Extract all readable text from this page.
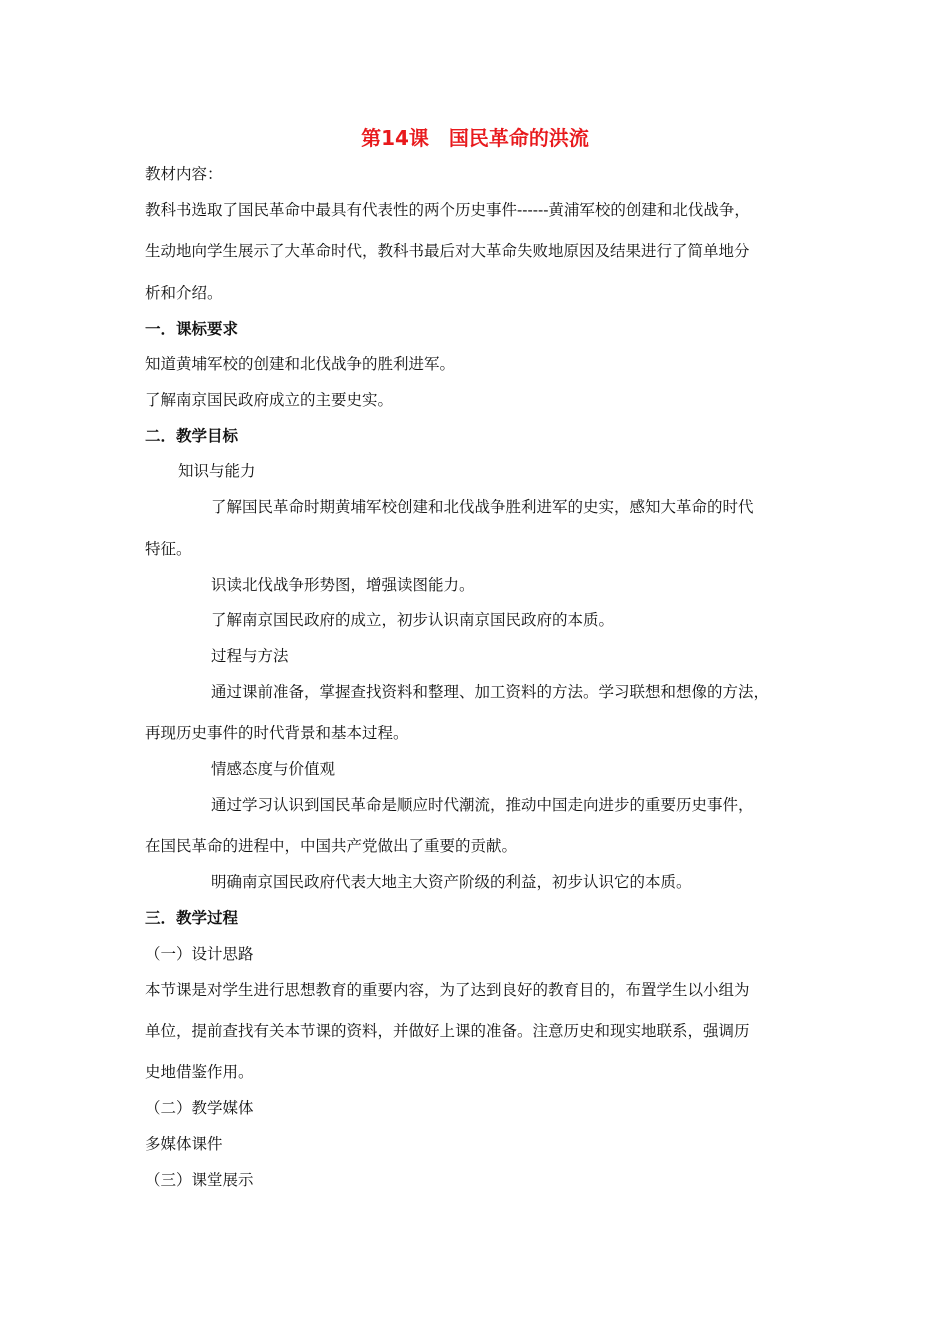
第14课　国民革命的洪流
教材内容：
教科书选取了国民革命中最具有代表性的两个历史事件------黄浦军校的创建和北伐战争，
生动地向学生展示了大革命时代，教科书最后对大革命失败地原因及结果进行了简单地分
析和介绍。
一．课标要求
知道黄埔军校的创建和北伐战争的胜利进军。
了解南京国民政府成立的主要史实。
二．教学目标
知识与能力
了解国民革命时期黄埔军校创建和北伐战争胜利进军的史实，感知大革命的时代
特征。
识读北伐战争形势图，增强读图能力。
了解南京国民政府的成立，初步认识南京国民政府的本质。
过程与方法
通过课前准备，掌握查找资料和整理、加工资料的方法。学习联想和想像的方法，
再现历史事件的时代背景和基本过程。
情感态度与价值观
通过学习认识到国民革命是顺应时代潮流，推动中国走向进步的重要历史事件，
在国民革命的进程中，中国共产党做出了重要的贡献。
明确南京国民政府代表大地主大资产阶级的利益，初步认识它的本质。
三．教学过程
（一）设计思路
本节课是对学生进行思想教育的重要内容，为了达到良好的教育目的，布置学生以小组为
单位，提前查找有关本节课的资料，并做好上课的准备。注意历史和现实地联系，强调历
史地借鉴作用。
（二）教学媒体
多媒体课件
（三）课堂展示
